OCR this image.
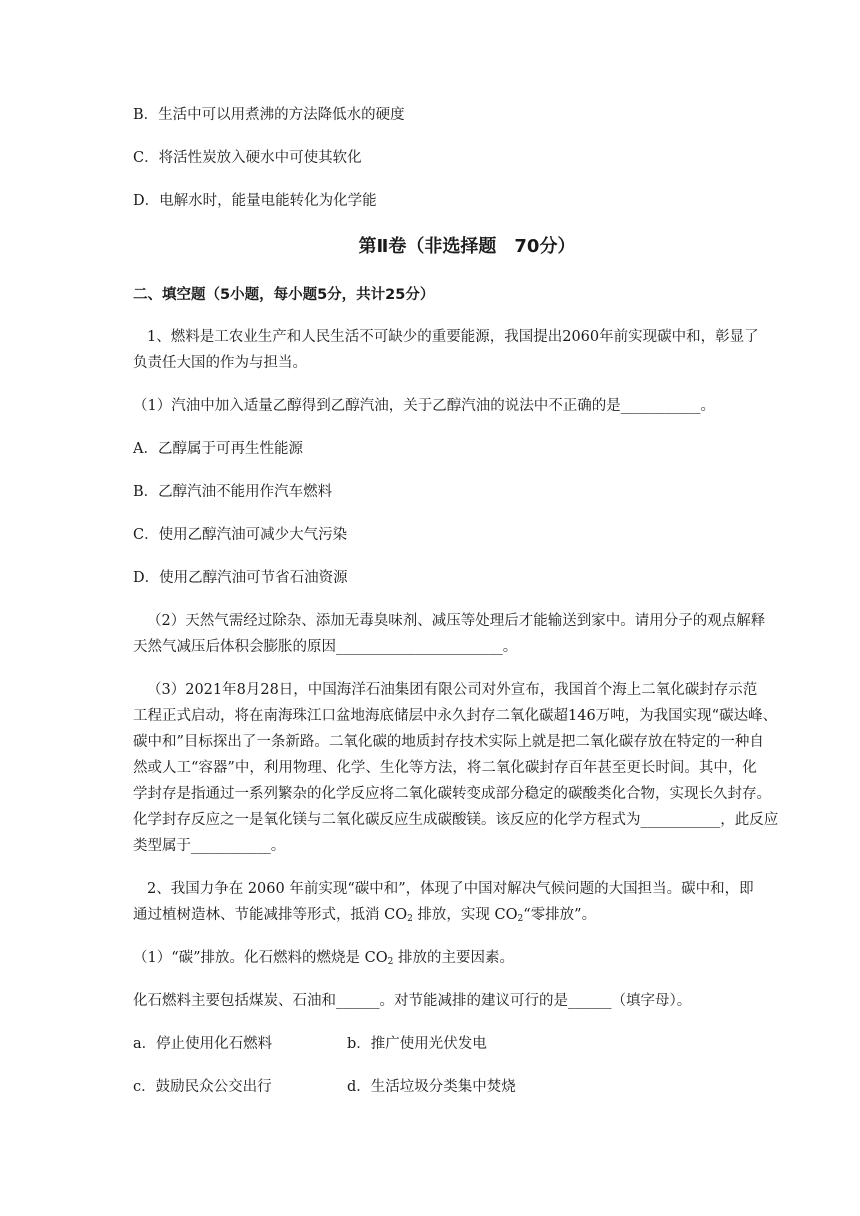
B．生活中可以用煮沸的方法降低水的硬度
C．将活性炭放入硬水中可使其软化
D．电解水时，能量电能转化为化学能
第Ⅱ卷（非选择题　70分）
二、填空题（5小题，每小题5分，共计25分）
1、燃料是工农业生产和人民生活不可缺少的重要能源，我国提出2060年前实现碳中和，彰显了
负责任大国的作为与担当。
（1）汽油中加入适量乙醇得到乙醇汽油，关于乙醇汽油的说法中不正确的是___________。
A．乙醇属于可再生性能源
B．乙醇汽油不能用作汽车燃料
C．使用乙醇汽油可减少大气污染
D．使用乙醇汽油可节省石油资源
（2）天然气需经过除杂、添加无毒臭味剂、减压等处理后才能输送到家中。请用分子的观点解释
天然气减压后体积会膨胀的原因_______________________。
（3）2021年8月28日，中国海洋石油集团有限公司对外宣布，我国首个海上二氧化碳封存示范
工程正式启动，将在南海珠江口盆地海底储层中永久封存二氧化碳超146万吨，为我国实现“碳达峰、
碳中和”目标探出了一条新路。二氧化碳的地质封存技术实际上就是把二氧化碳存放在特定的一种自
然或人工“容器”中，利用物理、化学、生化等方法，将二氧化碳封存百年甚至更长时间。其中，化
学封存是指通过一系列繁杂的化学反应将二氧化碳转变成部分稳定的碳酸类化合物，实现长久封存。
化学封存反应之一是氧化镁与二氧化碳反应生成碳酸镁。该反应的化学方程式为___________，此反应
类型属于___________。
2、我国力争在 2060 年前实现“碳中和”，体现了中国对解决气候问题的大国担当。碳中和，即
通过植树造林、节能减排等形式，抵消 $CO_2$ 排放，实现 $CO_2“$零排放”。
（1）“碳”排放。化石燃料的燃烧是 $CO_2$ 排放的主要因素。
化石燃料主要包括煤炭、石油和______。对节能减排的建议可行的是______（填字母）。
a．停止使用化石燃料	b．推广使用光伏发电
c．鼓励民众公交出行	d．生活垃圾分类集中焚烧
